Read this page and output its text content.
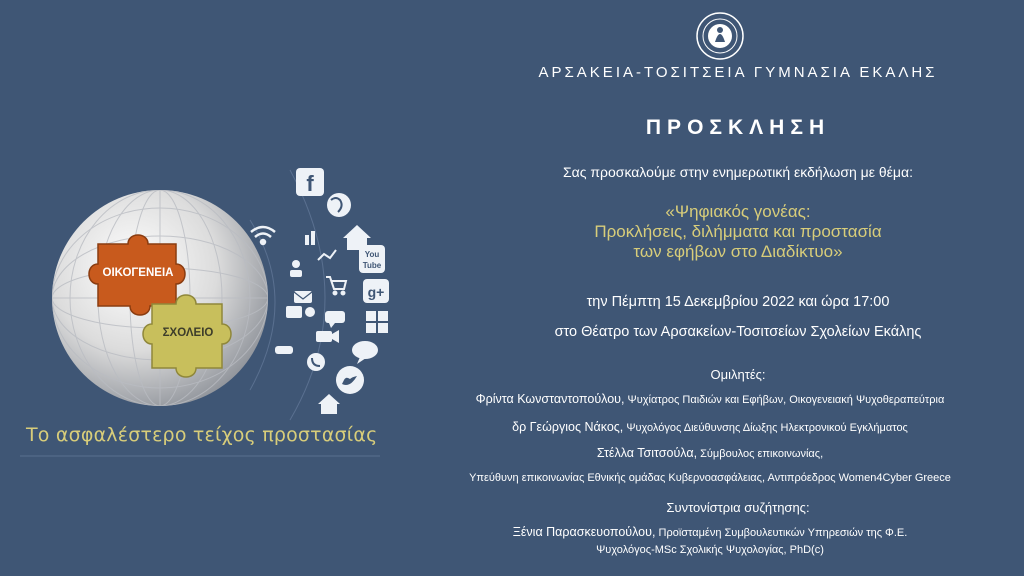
ΟΙΚΟΓΕΝΕΙΑ
ΣΧΟΛΕΙΟ
f
You
Tube
g+
Το ασφαλέστερο τείχος προστασίας
ΑΡΣΑΚΕΙΑ-ΤΟΣΙΤΣΕΙΑ ΓΥΜΝΑΣΙΑ ΕΚΑΛΗΣ
ΠΡΟΣΚΛΗΣΗ
Σας προσκαλούμε στην ενημερωτική εκδήλωση με θέμα:
«Ψηφιακός γονέας:
Προκλήσεις, διλήμματα και προστασία
των εφήβων στο Διαδίκτυο»
την Πέμπτη 15 Δεκεμβρίου 2022 και ώρα 17:00
στο Θέατρο των Αρσακείων-Τοσιτσείων Σχολείων Εκάλης
Ομιλητές:
Φρίντα Κωνσταντοπούλου, Ψυχίατρος Παιδιών και Εφήβων, Οικογενειακή Ψυχοθεραπεύτρια
δρ Γεώργιος Νάκος, Ψυχολόγος Διεύθυνσης Δίωξης Ηλεκτρονικού Εγκλήματος
Στέλλα Τσιτσούλα, Σύμβουλος επικοινωνίας,
Υπεύθυνη επικοινωνίας Εθνικής ομάδας Κυβερνοασφάλειας, Αντιπρόεδρος Women4Cyber Greece
Συντονίστρια συζήτησης:
Ξένια Παρασκευοπούλου, Προϊσταμένη Συμβουλευτικών Υπηρεσιών της Φ.Ε.
Ψυχολόγος-MSc Σχολικής Ψυχολογίας, PhD(c)
